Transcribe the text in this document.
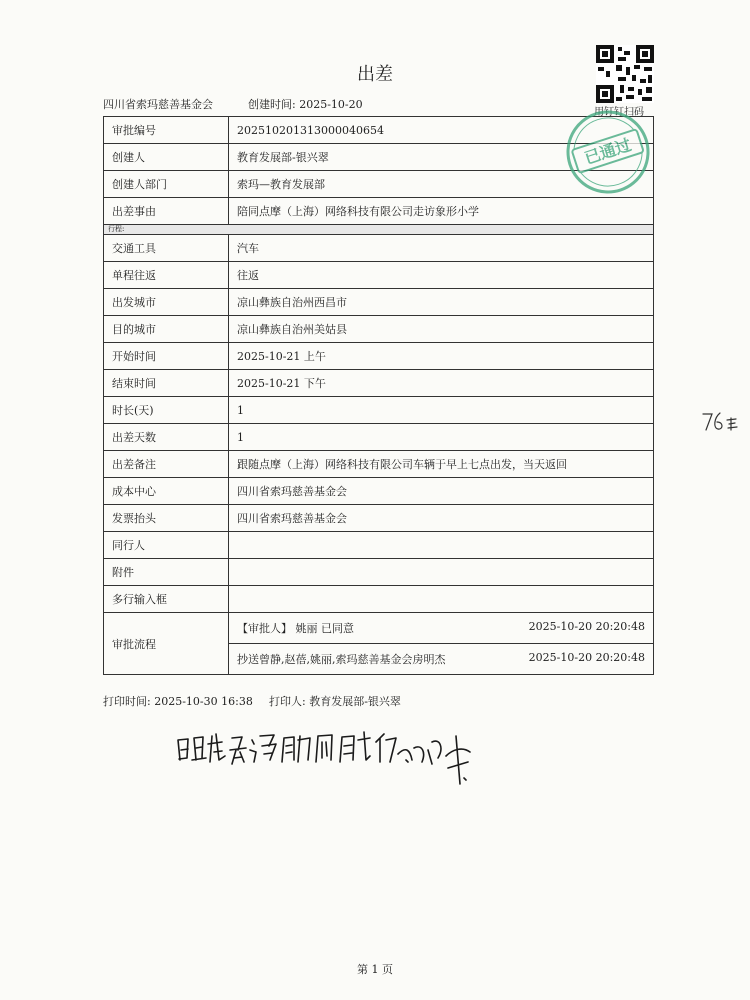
出差
用钉钉扫码
四川省索玛慈善基金会	创建时间: 2025-10-20
审批编号	202510201313000040654
创建人	教育发展部-银兴翠
创建人部门	索玛—教育发展部
出差事由	陪同点摩（上海）网络科技有限公司走访象形小学
行程:	
交通工具	汽车
单程往返	往返
出发城市	凉山彝族自治州西昌市
目的城市	凉山彝族自治州美姑县
开始时间	2025-10-21 上午
结束时间	2025-10-21 下午
时长(天)	1
出差天数	1
出差备注	跟随点摩（上海）网络科技有限公司车辆于早上七点出发，当天返回
成本中心	四川省索玛慈善基金会
发票抬头	四川省索玛慈善基金会
同行人	
附件	
多行输入框	
审批流程	【审批人】 姚丽 已同意 2025-10-20 20:20:48

	抄送曾静,赵蓓,姚丽,索玛慈善基金会房明杰 2025-10-20 20:20:48
已通过
打印时间: 2025-10-30 16:38 打印人: 教育发展部-银兴翠
第 1 页
